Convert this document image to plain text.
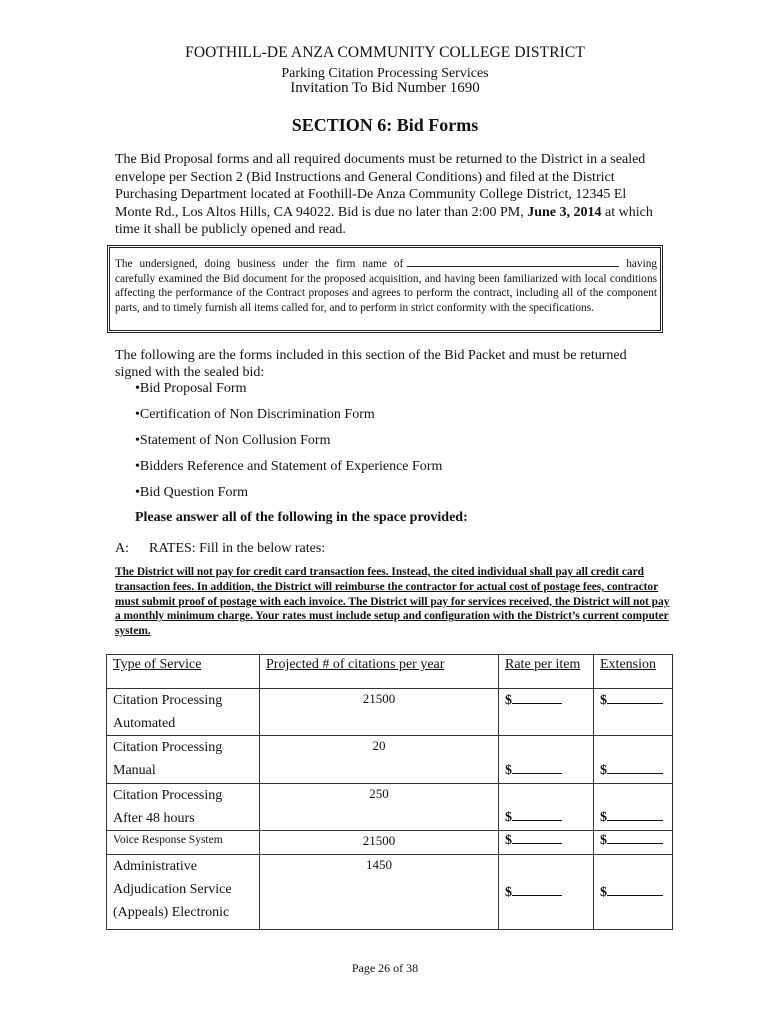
FOOTHILL-DE ANZA COMMUNITY COLLEGE DISTRICT
Parking Citation Processing Services
Invitation To Bid Number 1690
SECTION 6: Bid Forms
The Bid Proposal forms and all required documents must be returned to the District in a sealed envelope per Section 2 (Bid Instructions and General Conditions) and filed at the District Purchasing Department located at Foothill-De Anza Community College District, 12345 El Monte Rd., Los Altos Hills, CA 94022. Bid is due no later than 2:00 PM, June 3, 2014 at which time it shall be publicly opened and read.
The undersigned, doing business under the firm name of	having carefully examined the Bid document for the proposed acquisition, and having been familiarized with local conditions affecting the performance of the Contract proposes and agrees to perform the contract, including all of the component parts, and to timely furnish all items called for, and to perform in strict conformity with the specifications.
The following are the forms included in this section of the Bid Packet and must be returned signed with the sealed bid:
•Bid Proposal Form
•Certification of Non Discrimination Form
•Statement of Non Collusion Form
•Bidders Reference and Statement of Experience Form
•Bid Question Form
Please answer all of the following in the space provided:
A: RATES: Fill in the below rates:
The District will not pay for credit card transaction fees. Instead, the cited individual shall pay all credit card transaction fees. In addition, the District will reimburse the contractor for actual cost of postage fees, contractor must submit proof of postage with each invoice. The District will pay for services received, the District will not pay a monthly minimum charge. Your rates must include setup and configuration with the District’s current computer system.
Type of Service	Projected # of citations per year	Rate per item	Extension

Citation Processing
Automated	21500	$	$

Citation Processing
Manual	20	$	$

Citation Processing
After 48 hours	250	$	$
Voice Response System	21500	$	$

Administrative
Adjudication Service
(Appeals) Electronic	1450	$	$
Page 26 of 38
